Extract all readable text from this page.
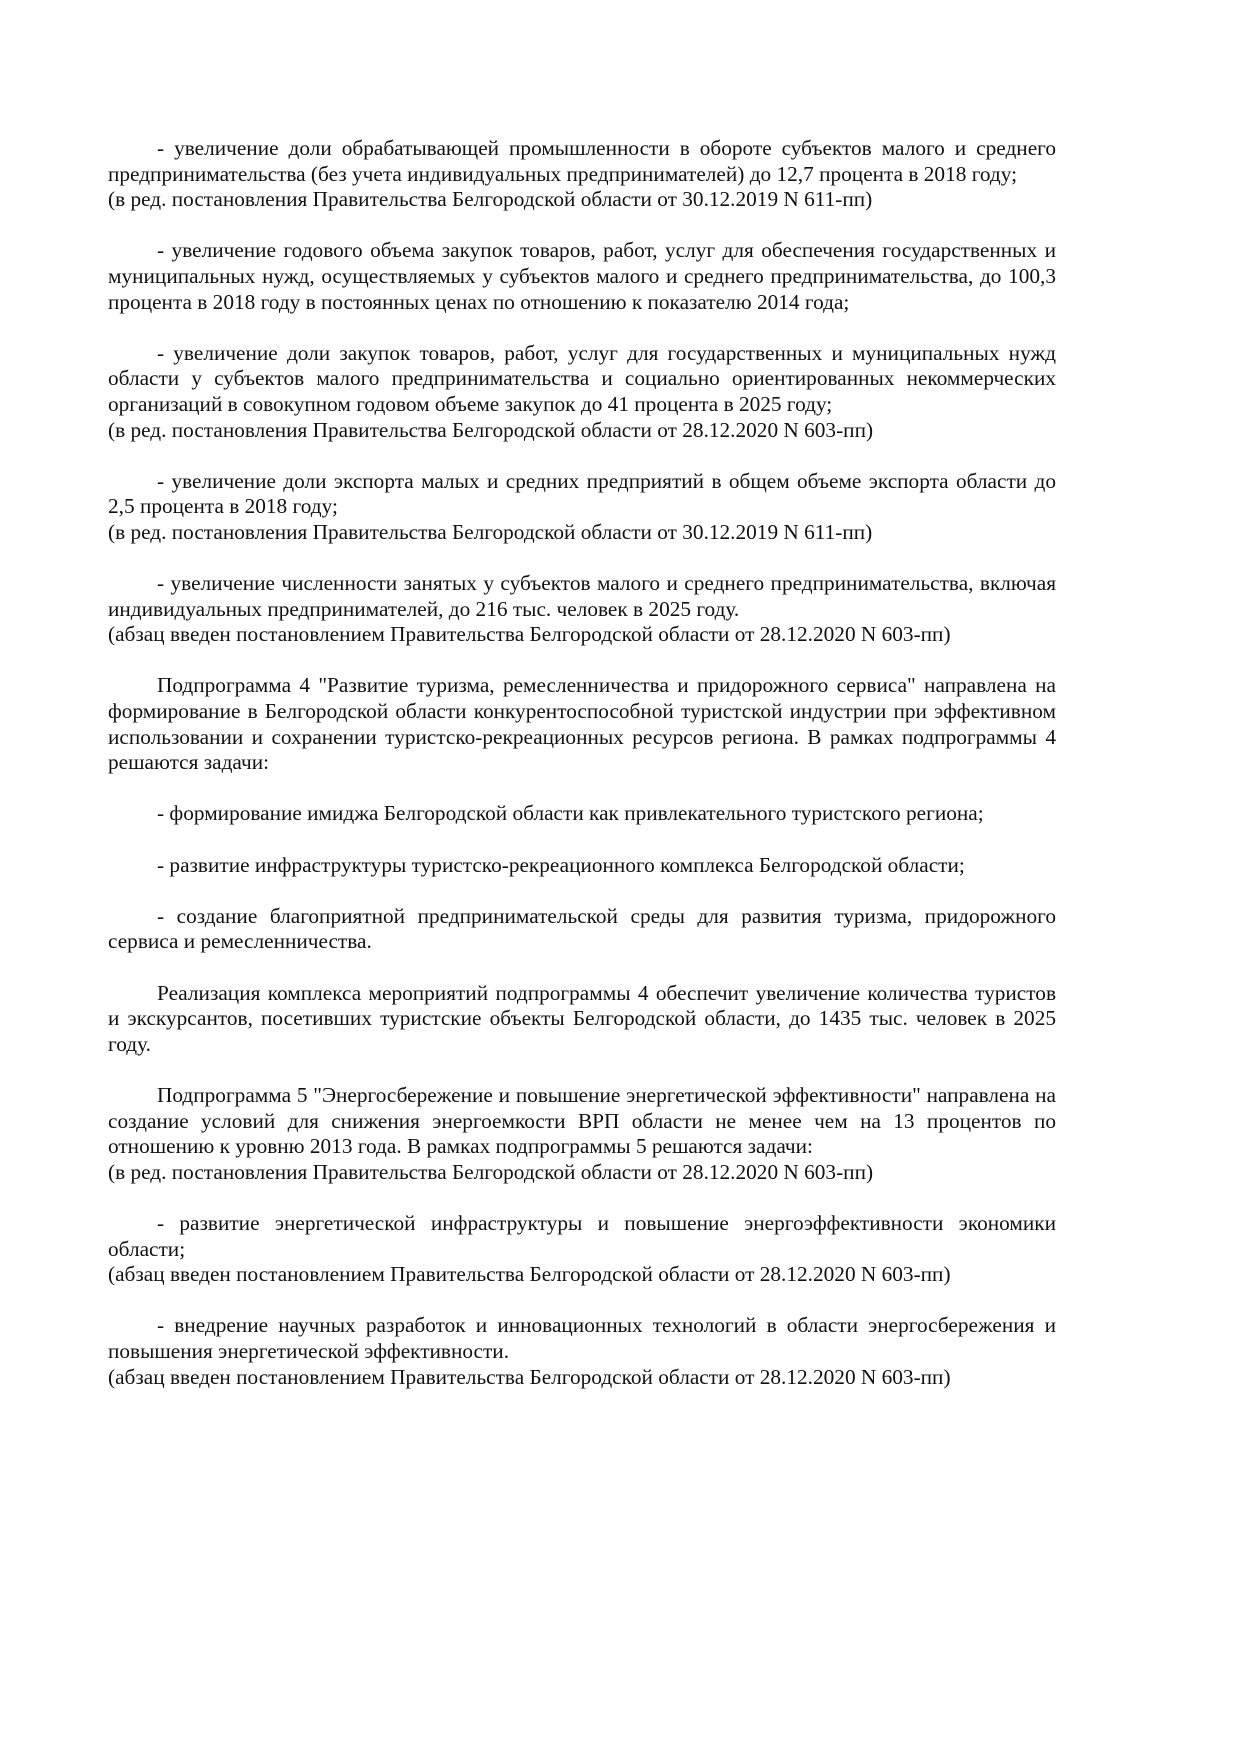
- увеличение доли обрабатывающей промышленности в обороте субъектов малого и среднего предпринимательства (без учета индивидуальных предпринимателей) до 12,7 процента в 2018 году;

(в ред. постановления Правительства Белгородской области от 30.12.2019 N 611-пп)

- увеличение годового объема закупок товаров, работ, услуг для обеспечения государственных и муниципальных нужд, осуществляемых у субъектов малого и среднего предпринимательства, до 100,3 процента в 2018 году в постоянных ценах по отношению к показателю 2014 года;

- увеличение доли закупок товаров, работ, услуг для государственных и муниципальных нужд области у субъектов малого предпринимательства и социально ориентированных некоммерческих организаций в совокупном годовом объеме закупок до 41 процента в 2025 году;

(в ред. постановления Правительства Белгородской области от 28.12.2020 N 603-пп)

- увеличение доли экспорта малых и средних предприятий в общем объеме экспорта области до 2,5 процента в 2018 году;

(в ред. постановления Правительства Белгородской области от 30.12.2019 N 611-пп)

- увеличение численности занятых у субъектов малого и среднего предпринимательства, включая индивидуальных предпринимателей, до 216 тыс. человек в 2025 году.

(абзац введен постановлением Правительства Белгородской области от 28.12.2020 N 603-пп)

Подпрограмма 4 "Развитие туризма, ремесленничества и придорожного сервиса" направлена на формирование в Белгородской области конкурентоспособной туристской индустрии при эффективном использовании и сохранении туристско-рекреационных ресурсов региона. В рамках подпрограммы 4 решаются задачи:

- формирование имиджа Белгородской области как привлекательного туристского региона;

- развитие инфраструктуры туристско-рекреационного комплекса Белгородской области;

- создание благоприятной предпринимательской среды для развития туризма, придорожного сервиса и ремесленничества.

Реализация комплекса мероприятий подпрограммы 4 обеспечит увеличение количества туристов и экскурсантов, посетивших туристские объекты Белгородской области, до 1435 тыс. человек в 2025 году.

Подпрограмма 5 "Энергосбережение и повышение энергетической эффективности" направлена на создание условий для снижения энергоемкости ВРП области не менее чем на 13 процентов по отношению к уровню 2013 года. В рамках подпрограммы 5 решаются задачи:

(в ред. постановления Правительства Белгородской области от 28.12.2020 N 603-пп)

- развитие энергетической инфраструктуры и повышение энергоэффективности экономики области;

(абзац введен постановлением Правительства Белгородской области от 28.12.2020 N 603-пп)

- внедрение научных разработок и инновационных технологий в области энергосбережения и повышения энергетической эффективности.

(абзац введен постановлением Правительства Белгородской области от 28.12.2020 N 603-пп)
